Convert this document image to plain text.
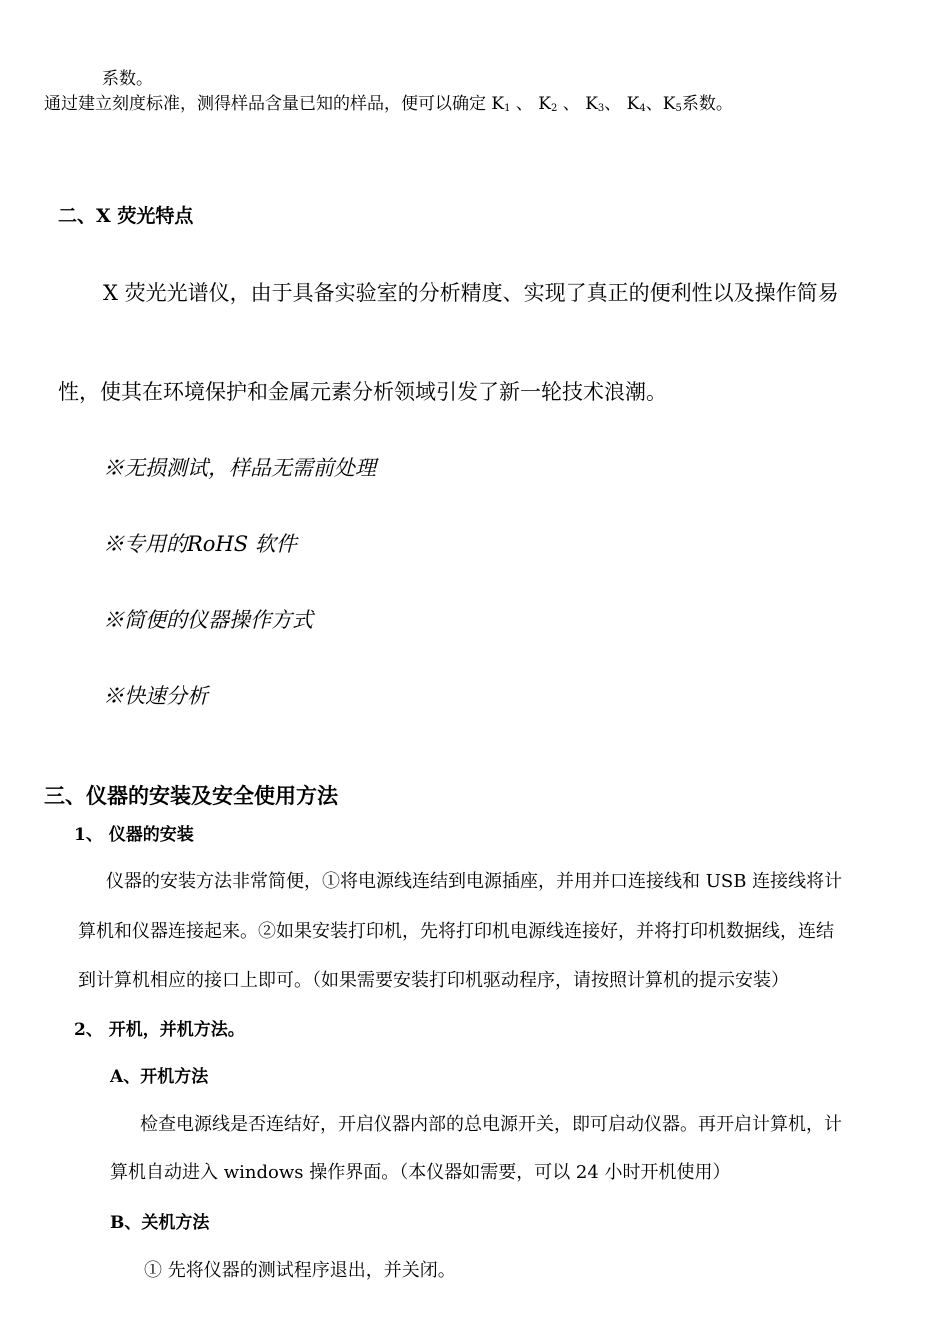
系数。
通过建立刻度标准，测得样品含量已知的样品，便可以确定 $K_1$ 、 $K_2$ 、 $K_3$、 $K_4$、$K_5$系数。
二、X 荧光特点
X 荧光光谱仪，由于具备实验室的分析精度、实现了真正的便利性以及操作简易
性，使其在环境保护和金属元素分析领域引发了新一轮技术浪潮。
※无损测试，样品无需前处理
※专用的RoHS 软件
※简便的仪器操作方式
※快速分析
三、仪器的安装及安全使用方法
1、 仪器的安装
仪器的安装方法非常简便，①将电源线连结到电源插座，并用并口连接线和 USB 连接线将计
算机和仪器连接起来。②如果安装打印机，先将打印机电源线连接好，并将打印机数据线，连结
到计算机相应的接口上即可。（如果需要安装打印机驱动程序，请按照计算机的提示安装）
2、 开机，并机方法。
A、开机方法
检查电源线是否连结好，开启仪器内部的总电源开关，即可启动仪器。再开启计算机，计
算机自动进入 windows 操作界面。（本仪器如需要，可以 24 小时开机使用）
B、关机方法
① 先将仪器的测试程序退出，并关闭。
